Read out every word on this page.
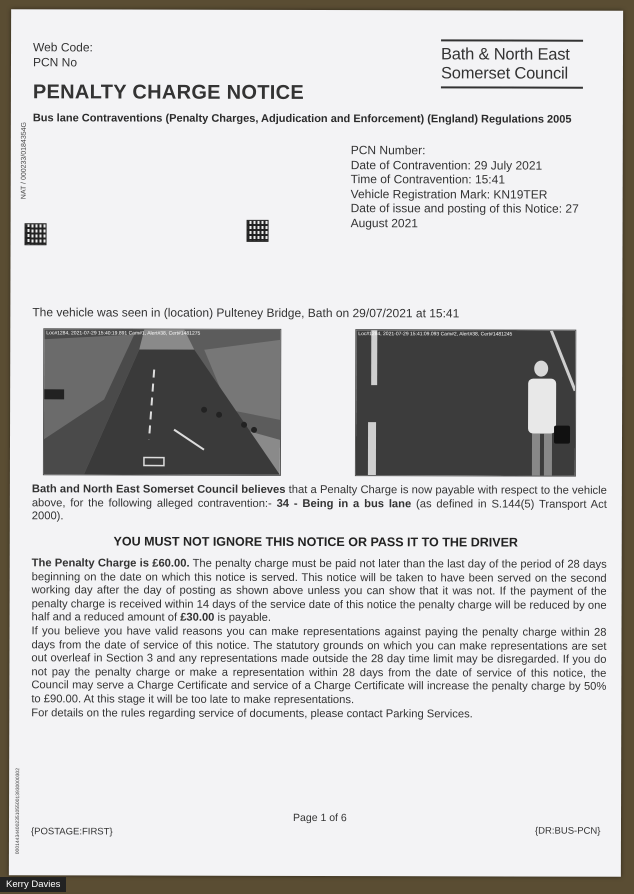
Web Code:
PCN No	Bath & North East
Somerset Council
PENALTY CHARGE NOTICE
Bus lane Contraventions (Penalty Charges, Adjudication and Enforcement) (England) Regulations 2005
NAT / 000233/0184354G	PCN Number:
Date of Contravention: 29 July 2021
Time of Contravention: 15:41
Vehicle Registration Mark: KN19TER
Date of issue and posting of this Notice: 27 August 2021
The vehicle was seen in (location) Pulteney Bridge, Bath on 29/07/2021 at 15:41
Loc#1284, 2021-07-29 15:40:19.891 Cam#1, Alert#38, Cert#1481275	Loc#1284, 2021-07-29 15:41:09.093 Cam#2, Alert#38, Cert#1481245
Bath and North East Somerset Council believes that a Penalty Charge is now payable with respect to the vehicle above, for the following alleged contravention:- 34 - Being in a bus lane (as defined in S.144(5) Transport Act 2000).
YOU MUST NOT IGNORE THIS NOTICE OR PASS IT TO THE DRIVER
The Penalty Charge is £60.00. The penalty charge must be paid not later than the last day of the period of 28 days beginning on the date on which this notice is served. This notice will be taken to have been served on the second working day after the day of posting as shown above unless you can show that it was not. If the payment of the penalty charge is received within 14 days of the service date of this notice the penalty charge will be reduced by one half and a reduced amount of £30.00 is payable.
If you believe you have valid reasons you can make representations against paying the penalty charge within 28 days from the date of service of this notice. The statutory grounds on which you can make representations are set out overleaf in Section 3 and any representations made outside the 28 day time limit may be disregarded. If you do not pay the penalty charge or make a representation within 28 days from the date of service of this notice, the Council may serve a Charge Certificate and service of a Charge Certificate will increase the penalty charge by 50% to £90.00. At this stage it will be too late to make representations.
For details on the rules regarding service of documents, please contact Parking Services.
Page 1 of 6
{POSTAGE:FIRST}	{DR:BUS-PCN}
0001443440023510550013930000302
Kerry Davies
